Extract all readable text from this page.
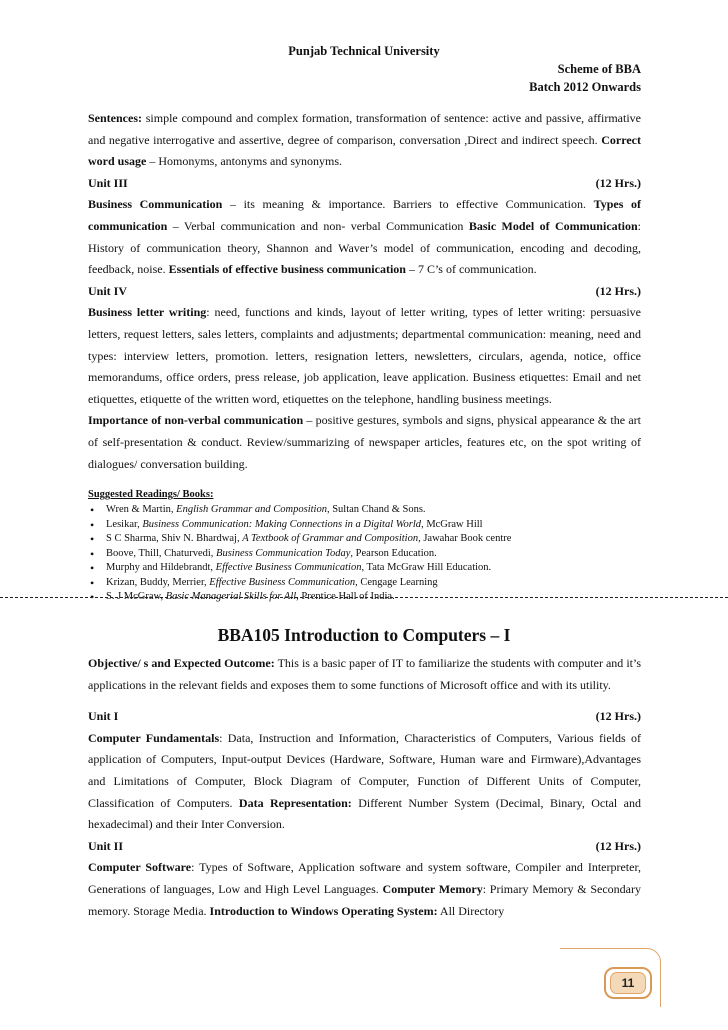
Punjab Technical University
Scheme of BBA
Batch 2012 Onwards

Sentences: simple compound and complex formation, transformation of sentence: active and passive, affirmative and negative interrogative and assertive, degree of comparison, conversation ,Direct and indirect speech. Correct word usage – Homonyms, antonyms and synonyms.

Unit III	(12 Hrs.)

Business Communication – its meaning & importance. Barriers to effective Communication. Types of communication – Verbal communication and non- verbal Communication Basic Model of Communication: History of communication theory, Shannon and Waver’s model of communication, encoding and decoding, feedback, noise. Essentials of effective business communication – 7 C’s of communication.

Unit IV	(12 Hrs.)

Business letter writing: need, functions and kinds, layout of letter writing, types of letter writing: persuasive letters, request letters, sales letters, complaints and adjustments; departmental communication: meaning, need and types: interview letters, promotion. letters, resignation letters, newsletters, circulars, agenda, notice, office memorandums, office orders, press release, job application, leave application. Business etiquettes: Email and net etiquettes, etiquette of the written word, etiquettes on the telephone, handling business meetings.

Importance of non-verbal communication – positive gestures, symbols and signs, physical appearance & the art of self-presentation & conduct. Review/summarizing of newspaper articles, features etc, on the spot writing of dialogues/ conversation building.

Suggested Readings/ Books:
• Wren & Martin, English Grammar and Composition, Sultan Chand & Sons.
• Lesikar, Business Communication: Making Connections in a Digital World, McGraw Hill
• S C Sharma, Shiv N. Bhardwaj, A Textbook of Grammar and Composition, Jawahar Book centre
• Boove, Thill, Chaturvedi, Business Communication Today, Pearson Education.
• Murphy and Hildebrandt, Effective Business Communication, Tata McGraw Hill Education.
• Krizan, Buddy, Merrier, Effective Business Communication, Cengage Learning
• S. J McGraw, Basic Managerial Skills for All, Prentice Hall of India.
BBA105 Introduction to Computers – I

Objective/ s and Expected Outcome: This is a basic paper of IT to familiarize the students with computer and it’s applications in the relevant fields and exposes them to some functions of Microsoft office and with its utility.

Unit I	(12 Hrs.)

Computer Fundamentals: Data, Instruction and Information, Characteristics of Computers, Various fields of application of Computers, Input-output Devices (Hardware, Software, Human ware and Firmware),Advantages and Limitations of Computer, Block Diagram of Computer, Function of Different Units of Computer, Classification of Computers. Data Representation: Different Number System (Decimal, Binary, Octal and hexadecimal) and their Inter Conversion.

Unit II	(12 Hrs.)

Computer Software: Types of Software, Application software and system software, Compiler and Interpreter, Generations of languages, Low and High Level Languages. Computer Memory: Primary Memory & Secondary memory. Storage Media. Introduction to Windows Operating System: All Directory

11
